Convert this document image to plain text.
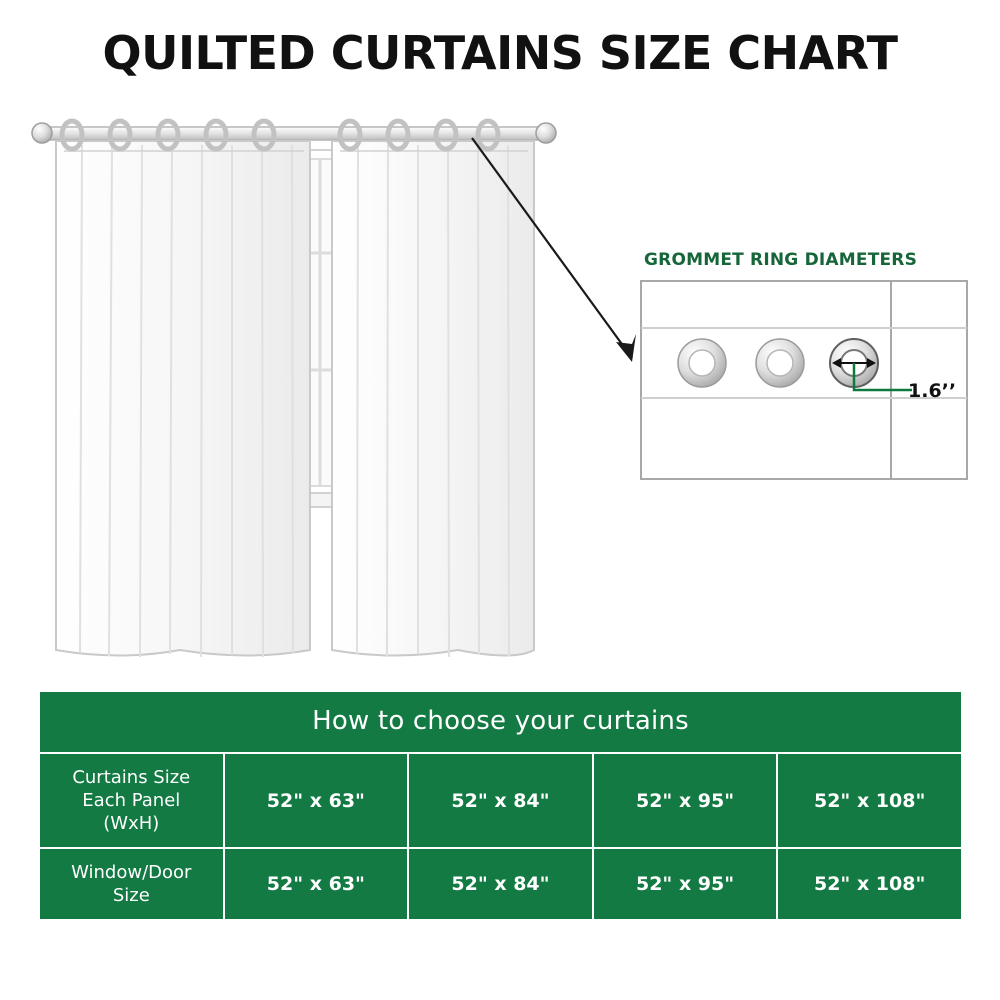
QUILTED CURTAINS SIZE CHART
GROMMET RING DIAMETERS
1.6’’
How to choose your curtains				

Curtains Size
Each Panel
(WxH)	52" x 63"	52" x 84"	52" x 95"	52" x 108"

Window/Door
Size	52" x 63"	52" x 84"	52" x 95"	52" x 108"
